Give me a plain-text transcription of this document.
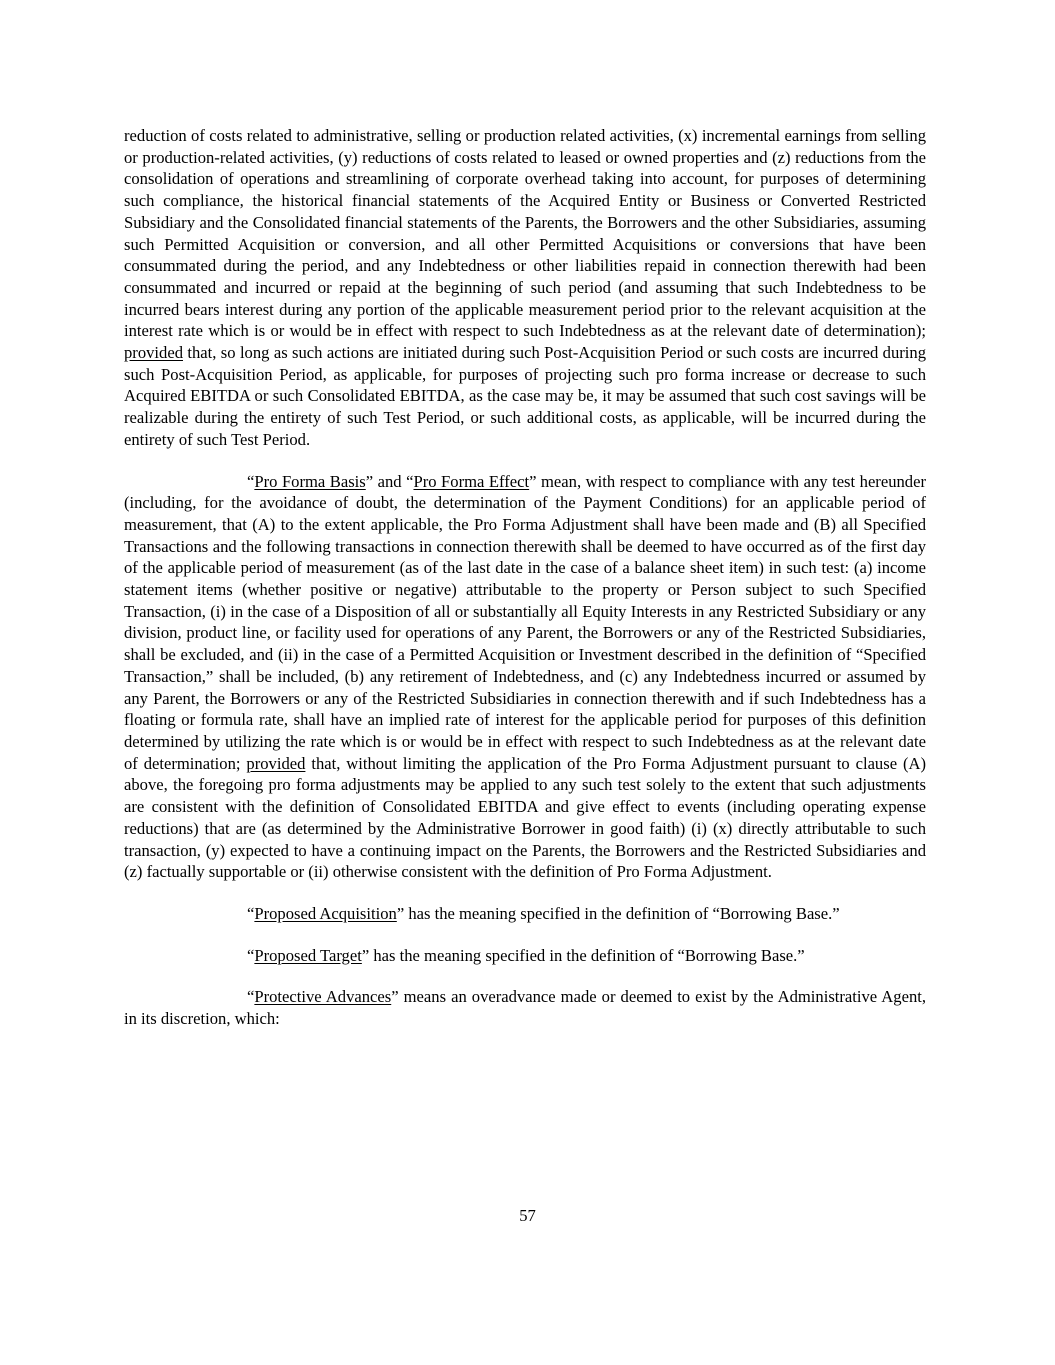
reduction of costs related to administrative, selling or production related activities, (x) incremental earnings from selling or production-related activities, (y) reductions of costs related to leased or owned properties and (z) reductions from the consolidation of operations and streamlining of corporate overhead taking into account, for purposes of determining such compliance, the historical financial statements of the Acquired Entity or Business or Converted Restricted Subsidiary and the Consolidated financial statements of the Parents, the Borrowers and the other Subsidiaries, assuming such Permitted Acquisition or conversion, and all other Permitted Acquisitions or conversions that have been consummated during the period, and any Indebtedness or other liabilities repaid in connection therewith had been consummated and incurred or repaid at the beginning of such period (and assuming that such Indebtedness to be incurred bears interest during any portion of the applicable measurement period prior to the relevant acquisition at the interest rate which is or would be in effect with respect to such Indebtedness as at the relevant date of determination); provided that, so long as such actions are initiated during such Post-Acquisition Period or such costs are incurred during such Post-Acquisition Period, as applicable, for purposes of projecting such pro forma increase or decrease to such Acquired EBITDA or such Consolidated EBITDA, as the case may be, it may be assumed that such cost savings will be realizable during the entirety of such Test Period, or such additional costs, as applicable, will be incurred during the entirety of such Test Period.

“Pro Forma Basis” and “Pro Forma Effect” mean, with respect to compliance with any test hereunder (including, for the avoidance of doubt, the determination of the Payment Conditions) for an applicable period of measurement, that (A) to the extent applicable, the Pro Forma Adjustment shall have been made and (B) all Specified Transactions and the following transactions in connection therewith shall be deemed to have occurred as of the first day of the applicable period of measurement (as of the last date in the case of a balance sheet item) in such test: (a) income statement items (whether positive or negative) attributable to the property or Person subject to such Specified Transaction, (i) in the case of a Disposition of all or substantially all Equity Interests in any Restricted Subsidiary or any division, product line, or facility used for operations of any Parent, the Borrowers or any of the Restricted Subsidiaries, shall be excluded, and (ii) in the case of a Permitted Acquisition or Investment described in the definition of “Specified Transaction,” shall be included, (b) any retirement of Indebtedness, and (c) any Indebtedness incurred or assumed by any Parent, the Borrowers or any of the Restricted Subsidiaries in connection therewith and if such Indebtedness has a floating or formula rate, shall have an implied rate of interest for the applicable period for purposes of this definition determined by utilizing the rate which is or would be in effect with respect to such Indebtedness as at the relevant date of determination; provided that, without limiting the application of the Pro Forma Adjustment pursuant to clause (A) above, the foregoing pro forma adjustments may be applied to any such test solely to the extent that such adjustments are consistent with the definition of Consolidated EBITDA and give effect to events (including operating expense reductions) that are (as determined by the Administrative Borrower in good faith) (i) (x) directly attributable to such transaction, (y) expected to have a continuing impact on the Parents, the Borrowers and the Restricted Subsidiaries and (z) factually supportable or (ii) otherwise consistent with the definition of Pro Forma Adjustment.

“Proposed Acquisition” has the meaning specified in the definition of “Borrowing Base.”

“Proposed Target” has the meaning specified in the definition of “Borrowing Base.”

“Protective Advances” means an overadvance made or deemed to exist by the Administrative Agent, in its discretion, which:

57
